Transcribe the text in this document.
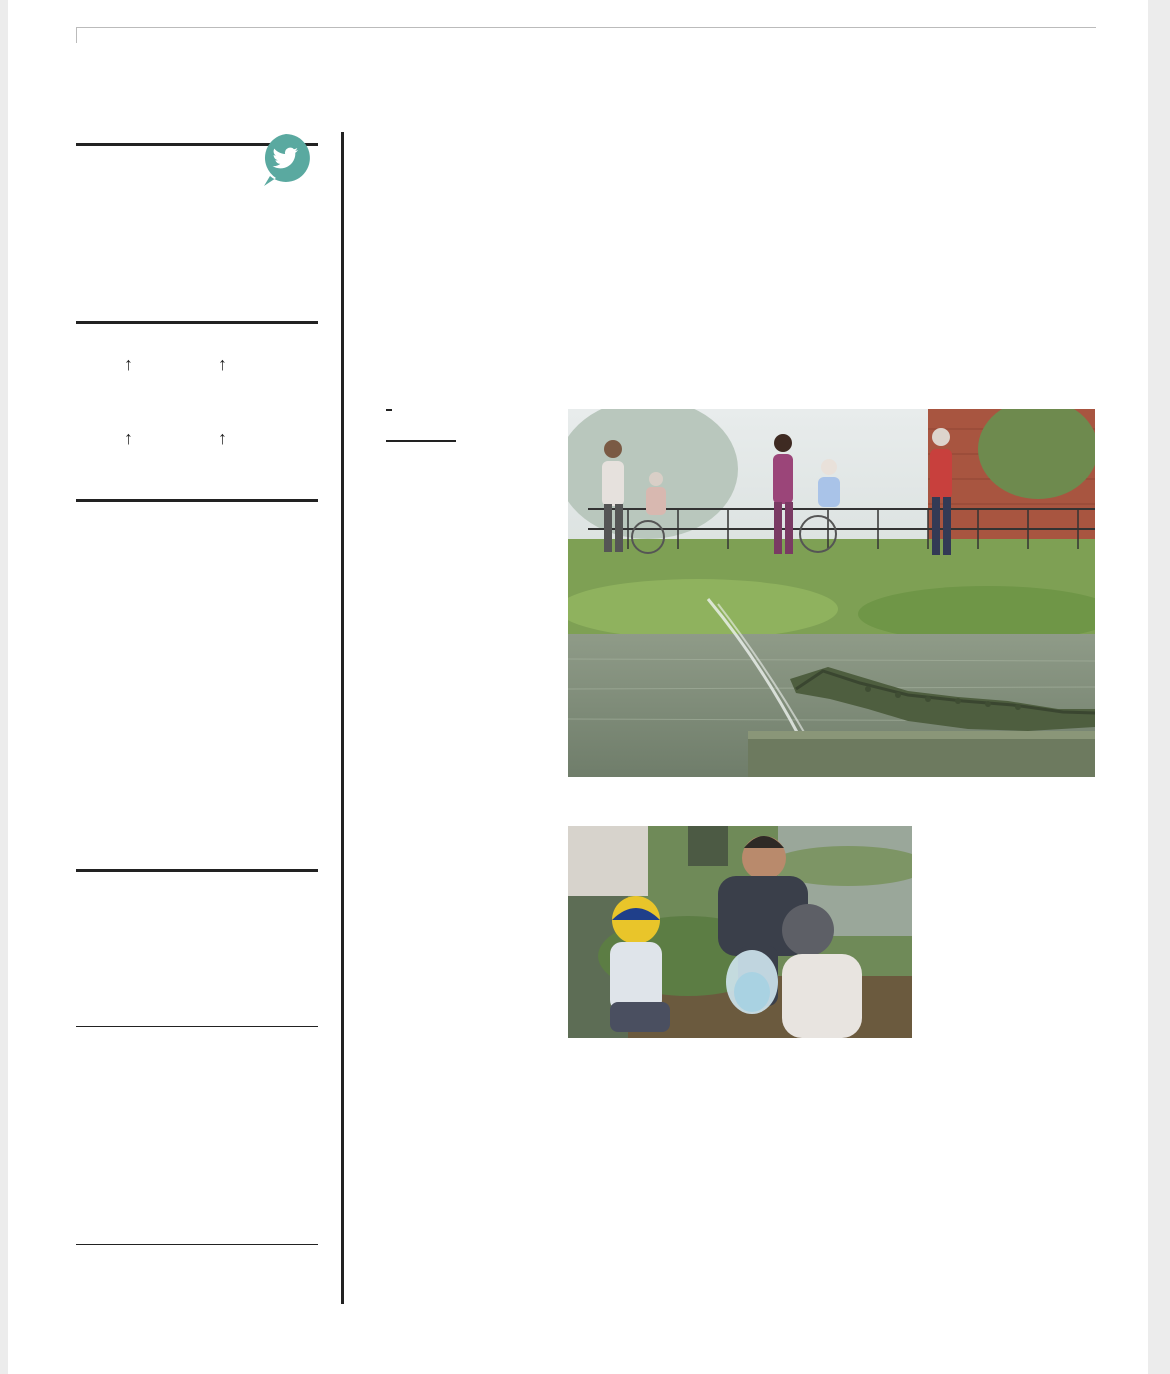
↑	↑
↑	↑
